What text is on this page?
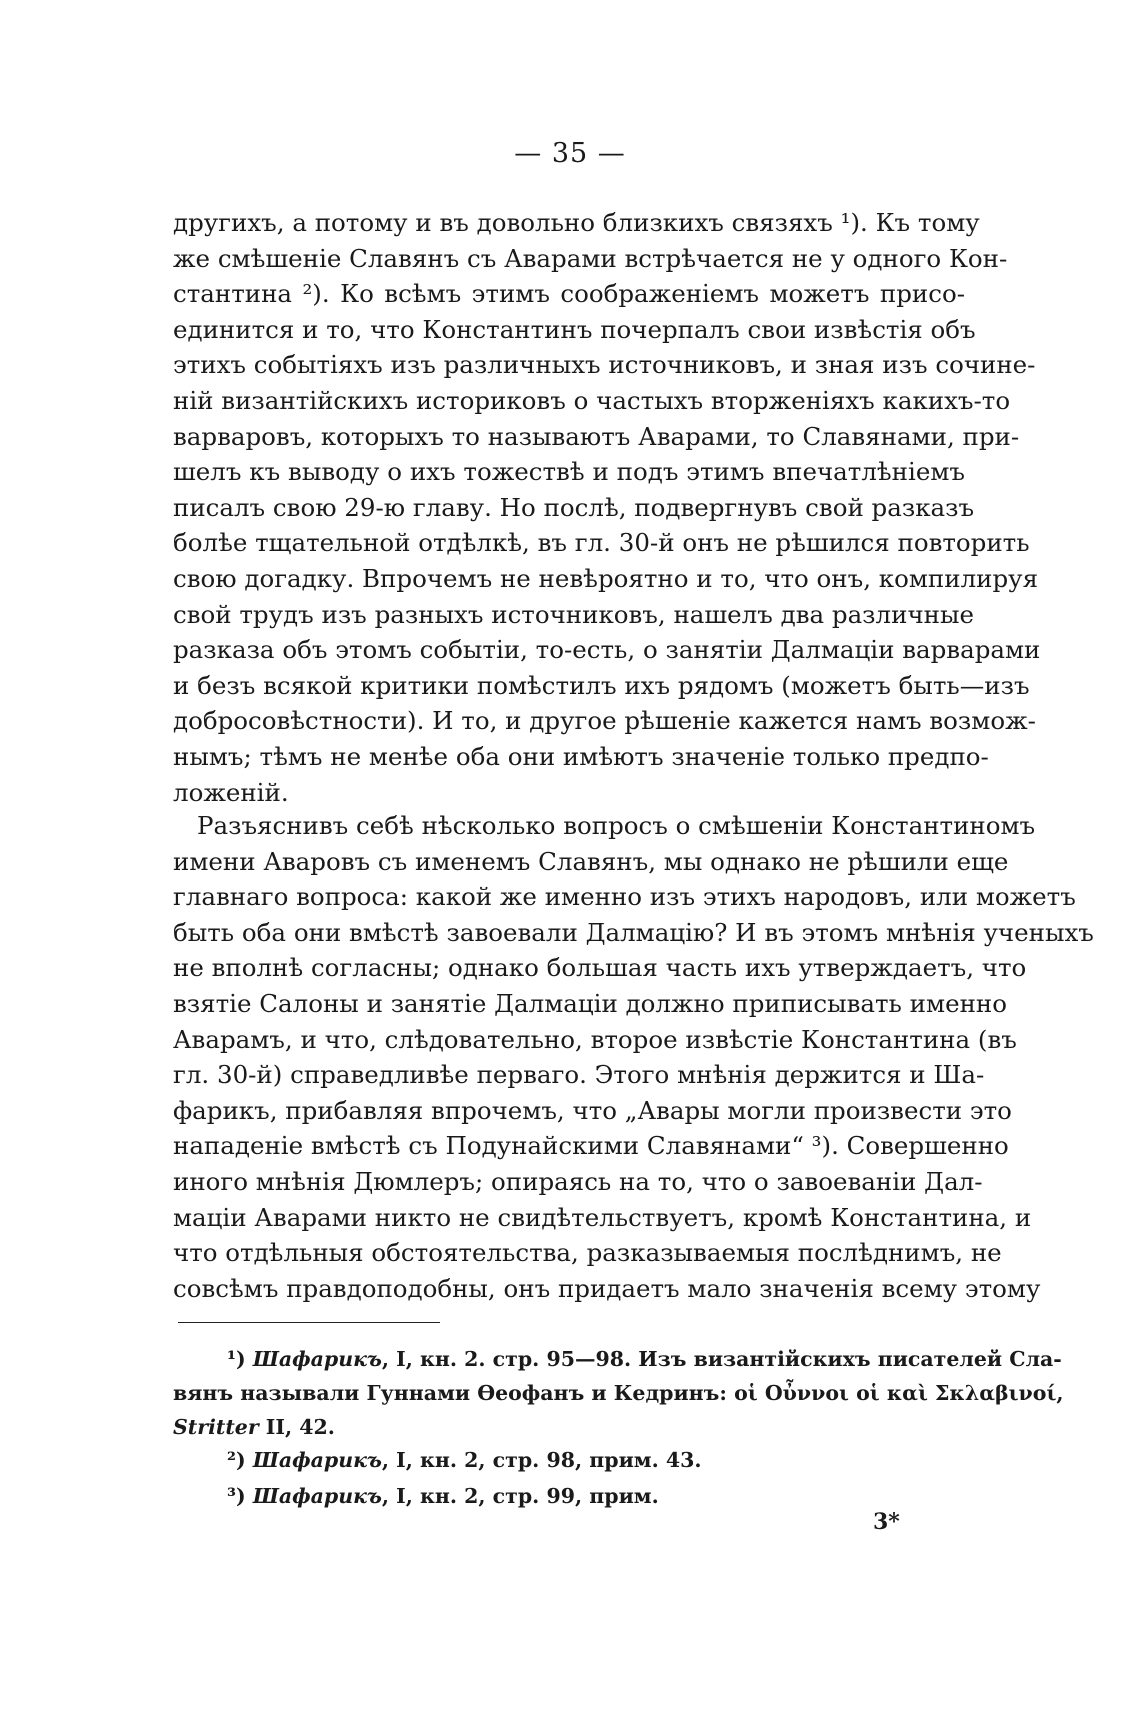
— 35 —
другихъ, а потому и въ довольно близкихъ связяхъ ¹). Къ тому
же смѣшеніе Славянъ съ Аварами встрѣчается не у одного Кон-
стантина ²). Ко всѣмъ этимъ соображеніемъ можетъ присо-
единится и то, что Константинъ почерпалъ свои извѣстія объ
этихъ событіяхъ изъ различныхъ источниковъ, и зная изъ сочине-
ній византійскихъ историковъ о частыхъ вторженіяхъ какихъ-то
варваровъ, которыхъ то называютъ Аварами, то Славянами, при-
шелъ къ выводу о ихъ тожествѣ и подъ этимъ впечатлѣніемъ
писалъ свою 29-ю главу. Но послѣ, подвергнувъ свой разказъ
болѣе тщательной отдѣлкѣ, въ гл. 30-й онъ не рѣшился повторить
свою догадку. Впрочемъ не невѣроятно и то, что онъ, компилируя
свой трудъ изъ разныхъ источниковъ, нашелъ два различные
разказа объ этомъ событіи, то-есть, о занятіи Далмаціи варварами
и безъ всякой критики помѣстилъ ихъ рядомъ (можетъ быть—изъ
добросовѣстности). И то, и другое рѣшеніе кажется намъ возмож-
нымъ; тѣмъ не менѣе оба они имѣютъ значеніе только предпо-
ложеній.
Разъяснивъ себѣ нѣсколько вопросъ о смѣшеніи Константиномъ
имени Аваровъ съ именемъ Славянъ, мы однако не рѣшили еще
главнаго вопроса: какой же именно изъ этихъ народовъ, или можетъ
быть оба они вмѣстѣ завоевали Далмацію? И въ этомъ мнѣнія ученыхъ
не вполнѣ согласны; однако большая часть ихъ утверждаетъ, что
взятіе Салоны и занятіе Далмаціи должно приписывать именно
Аварамъ, и что, слѣдовательно, второе извѣстіе Константина (въ
гл. 30-й) справедливѣе перваго. Этого мнѣнія держится и Ша-
фарикъ, прибавляя впрочемъ, что „Авары могли произвести это
нападеніе вмѣстѣ съ Подунайскими Славянами“ ³). Совершенно
иного мнѣнія Дюмлеръ; опираясь на то, что о завоеваніи Дал-
маціи Аварами никто не свидѣтельствуетъ, кромѣ Константина, и
что отдѣльныя обстоятельства, разказываемыя послѣднимъ, не
совсѣмъ правдоподобны, онъ придаетъ мало значенія всему этому
¹) Шафарикъ, I, кн. 2. стр. 95—98. Изъ византійскихъ писателей Сла-
вянъ называли Гуннами Ѳеофанъ и Кедринъ: οἱ Οὖννοι οἱ καὶ Σκλαβινοί,
Stritter II, 42.
²) Шафарикъ, I, кн. 2, стр. 98, прим. 43.
³) Шафарикъ, I, кн. 2, стр. 99, прим.
3*
